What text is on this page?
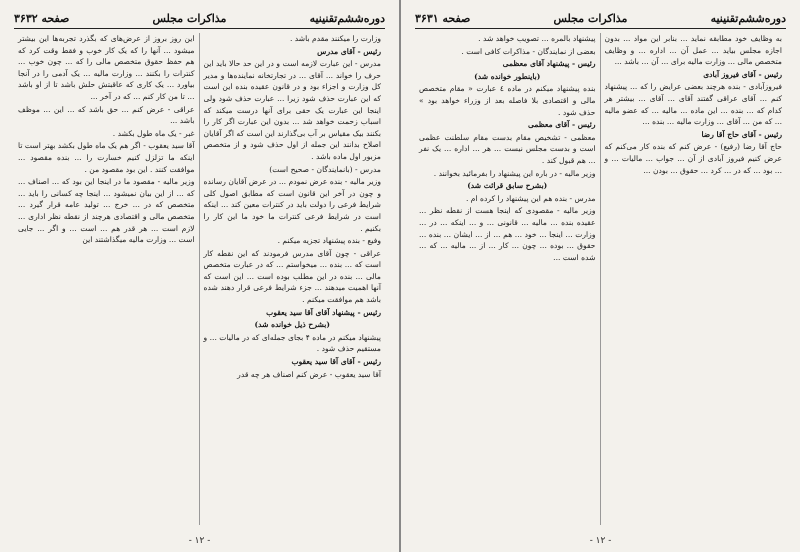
دوره‌ششم‌تقنینیه
مذاکرات مجلس
صفحه ۳۶۳۱

به وظایف خود مطابقه نماید ... بنابر این مواد ... بدون اجازه مجلس بیاید ... عمل آن ... اداره ... و وظایف متخصص مالی ... وزارت مالیه برای ... آن ... باشد ...

رئیس - آقای فیروز آبادی

فیروزآبادی - بنده هرچند بعضی عرایض را که ... پیشنهاد کنم ... آقای عراقی گفتند آقای ... آقای ... بیشتر هر کدام که ... بنده ... این ماده ... مالیه ... که عضو مالیه ... که من ... آقای ... وزارت مالیه ... بنده ...

رئیس - آقای حاج آقا رضا

حاج آقا رضا (رفیع) - عرض کنم که بنده کار می‌کنم که عرض کنیم فیروز آبادی از آن ... جواب ... مالیات ... و ... بود ... که در ... کرد ... حقوق ... بودن ...

پیشنهاد بالمره ... تصویب خواهد شد .

بعضی از نمایندگان - مذاکرات کافی است .

رئیس - پیشنهاد آقای معظمی

(باینطور خوانده شد)

بنده پیشنهاد میکنم در ماده ٤ عبارت « مقام متخصص مالی و اقتصادی بلا فاصله بعد از وزراء خواهد بود » حذف شود .

رئیس - آقای معظمی

معظمی - تشخیص مقام بدست مقام سلطنت عظمی است و بدست مجلس نیست ... هر ... اداره ... یک نفر ... هم قبول کند .

وزیر مالیه - در باره این پیشنهاد را بفرمائید بخوانند .

(بشرح سابق قرائت شد)

مدرس - بنده هم این پیشنهاد را کرده ام .

وزیر مالیه - مقصودی که اینجا هست از نقطه نظر ... عقیده بنده ... مالیه ... قانونی ... و ... اینکه ... در ... وزارت ... اینجا ... خود ... هم ... از ... ایشان ... بنده ... حقوق ... بوده ... چون ... کار ... از ... مالیه ... که ... شده است ...

- ۱۲ -
دوره‌ششم‌تقنینیه
مذاکرات مجلس
صفحه ۳۶۳۲

وزارت را میکنند مقدم باشد .

رئیس - آقای مدرس

مدرس - این عبارت لازمه است و در این حد حالا باید این حرف را خواند ... آقای ... در تجارتخانه نماینده‌ها و مدیر کل وزارت و اجزاء بود و در قانون عقیده بنده این است که این عبارت حذف شود زیرا ... عبارت حذف شود ولی اینجا این عبارت یک حقی برای آنها درست میکند که اسباب زحمت خواهد شد ... بدون این عبارت اگر کار را بکنند بیک مقیاس بر آب بی‌گذارند این است که اگر آقایان اصلاح بدانند این جمله از اول حذف شود و از متخصص مزبور اول ماده باشد .

مدرس - (بانمایندگان - صحیح است)

وزیر مالیه - بنده عرض نمودم ... در عرض آقایان رسانده و چون در آخر این قانون است که مطابق اصول کلی شرایط فرعی را دولت باید در کنترات معین کند ... اینکه است در شرایط فرعی کنترات ما خود ما این کار را بکنیم .

وفیع - بنده پیشنهاد تجزیه میکنم .

عراقی - چون آقای مدرس فرمودند که این نقطه کار است که ... بنده ... میخواستم ... که در عبارت متخصص مالی ... بنده در این مطلب بوده است ... این است که آنها اهمیت میدهند ... جزء شرایط فرعی قرار دهند شده باشد هم موافقت میکنم .

رئیس - پیشنهاد آقای آقا سید یعقوب

(بشرح ذیل خوانده شد)

پیشنهاد میکنم در ماده ۴ بجای جمله‌ای که در مالیات ... و مستقیم حذف شود .

رئیس - آقای آقا سید یعقوب

آقا سید یعقوب - عرض کنم اصناف هر چه قدر

این روز بروز از عرض‌های که بگذرد تجربه‌ها این بیشتر میشود ... آنها را که یک کار خوب و فقط وقت کرد که هم حفظ حقوق متخصص مالی را که ... چون خوب ... کنترات را بکنند ... وزارت مالیه ... یک آدمی را در آنجا بیاورد ... یک کاری که عاقبتش حلش باشد تا از او باشد ... تا من کار کنم ... که در آخر ...

عراقی - عرض کنم ... حق باشد که ... این ... موظف باشد ...

غبر - یک ماه طول بکشد .

آقا سید یعقوب - اگر هم یک ماه طول بکشد بهتر است تا اینکه ما تزلزل کنیم خسارت را ... بنده مقصود ... موافقت کنند . این بود مقصود من .

وزیر مالیه - مقصود ما در اینجا این بود که ... اصناف ... که ... از این بیان نمیشود ... اینجا چه کسانی را باید ... متخصص که در ... خرج ... تولید عامه قرار گیرد ... متخصص مالی و اقتصادی هرچند از نقطه نظر اداری ... لازم است ... هر قدر هم ... است ... و اگر ... جایی است ... وزارت مالیه میگذاشتند این

- ۱۲ -
